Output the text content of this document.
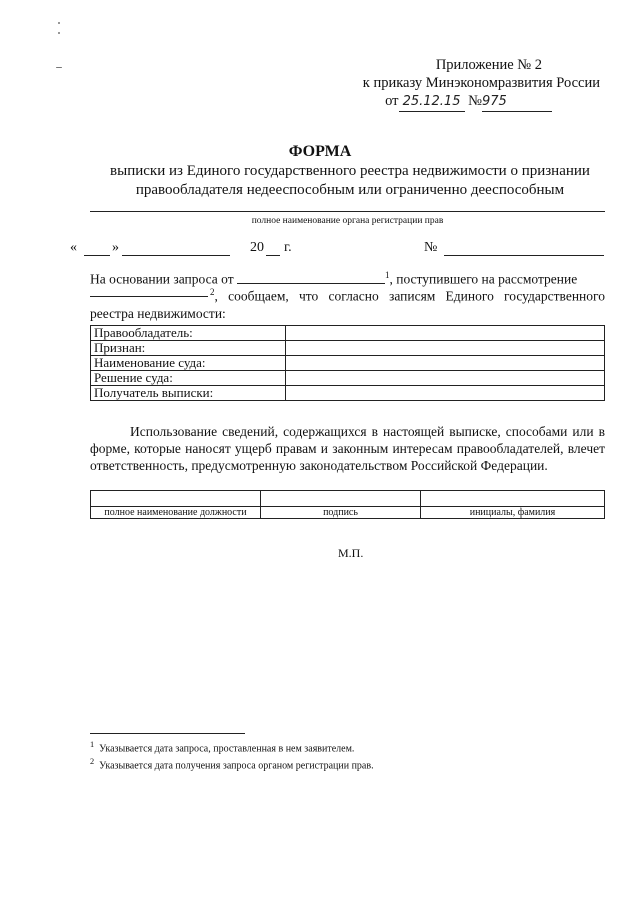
Приложение № 2
к приказу Минэкономразвития России
от 25.12.15 №975
ФОРМА
выписки из Единого государственного реестра недвижимости о признании правообладателя недееспособным или ограниченно дееспособным
полное наименование органа регистрации прав
«	»	20 г.	№
На основании запроса от	$^1$, поступившего на рассмотрение
$^2$, сообщаем, что согласно записям Единого государственного реестра недвижимости:
Правообладатель:	
Признан:	
Наименование суда:	
Решение суда:	
Получатель выписки:	
Использование сведений, содержащихся в настоящей выписке, способами или в форме, которые наносят ущерб правам и законным интересам правообладателей, влечет ответственность, предусмотренную законодательством Российской Федерации.

полное наименование должности	подпись	инициалы, фамилия
М.П.
$^1$ Указывается дата запроса, проставленная в нем заявителем.
$^2$ Указывается дата получения запроса органом регистрации прав.
